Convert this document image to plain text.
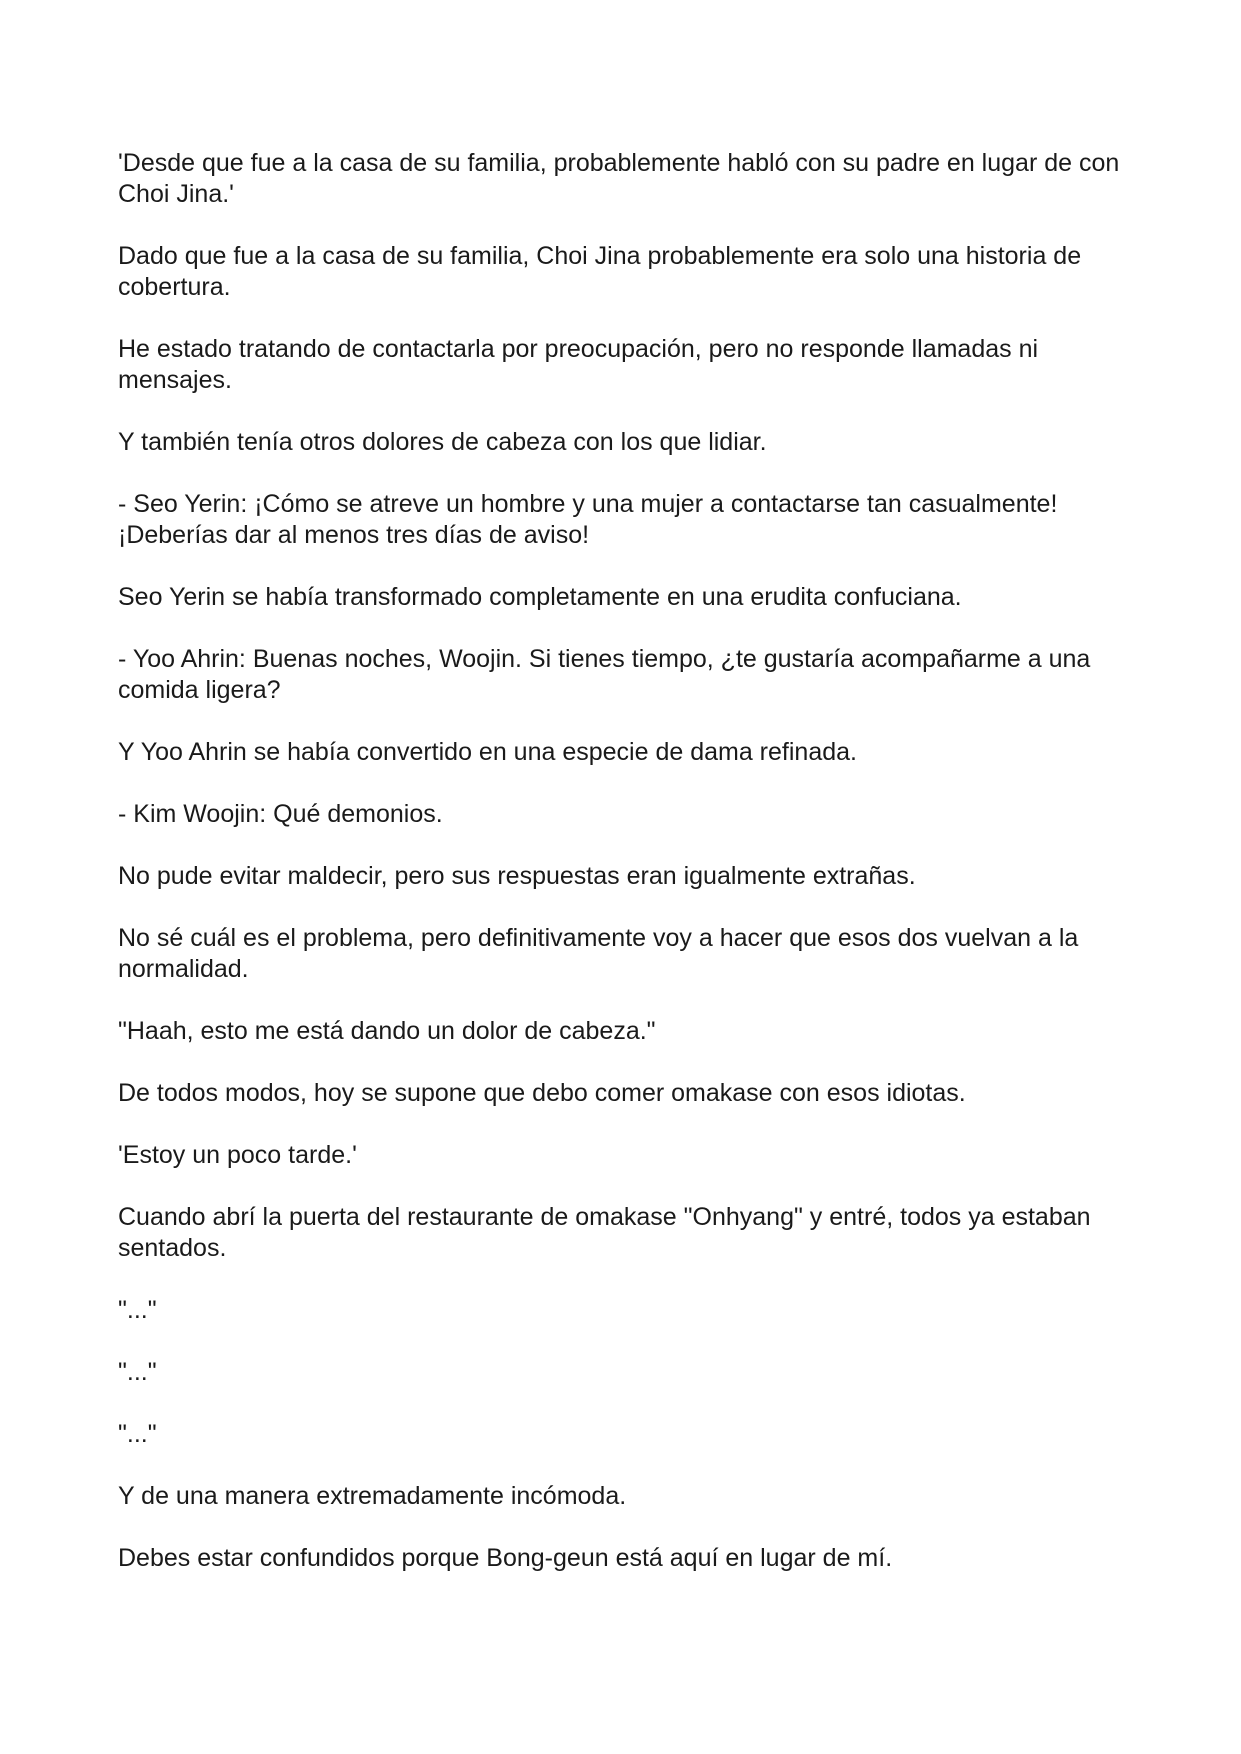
'Desde que fue a la casa de su familia, probablemente habló con su padre en lugar de con Choi Jina.'

Dado que fue a la casa de su familia, Choi Jina probablemente era solo una historia de cobertura.

He estado tratando de contactarla por preocupación, pero no responde llamadas ni mensajes.

Y también tenía otros dolores de cabeza con los que lidiar.

- Seo Yerin: ¡Cómo se atreve un hombre y una mujer a contactarse tan casualmente! ¡Deberías dar al menos tres días de aviso!

Seo Yerin se había transformado completamente en una erudita confuciana.

- Yoo Ahrin: Buenas noches, Woojin. Si tienes tiempo, ¿te gustaría acompañarme a una comida ligera?

Y Yoo Ahrin se había convertido en una especie de dama refinada.

- Kim Woojin: Qué demonios.

No pude evitar maldecir, pero sus respuestas eran igualmente extrañas.

No sé cuál es el problema, pero definitivamente voy a hacer que esos dos vuelvan a la normalidad.

"Haah, esto me está dando un dolor de cabeza."

De todos modos, hoy se supone que debo comer omakase con esos idiotas.

'Estoy un poco tarde.'

Cuando abrí la puerta del restaurante de omakase "Onhyang" y entré, todos ya estaban sentados.

"..."

"..."

"..."

Y de una manera extremadamente incómoda.

Debes estar confundidos porque Bong-geun está aquí en lugar de mí.
